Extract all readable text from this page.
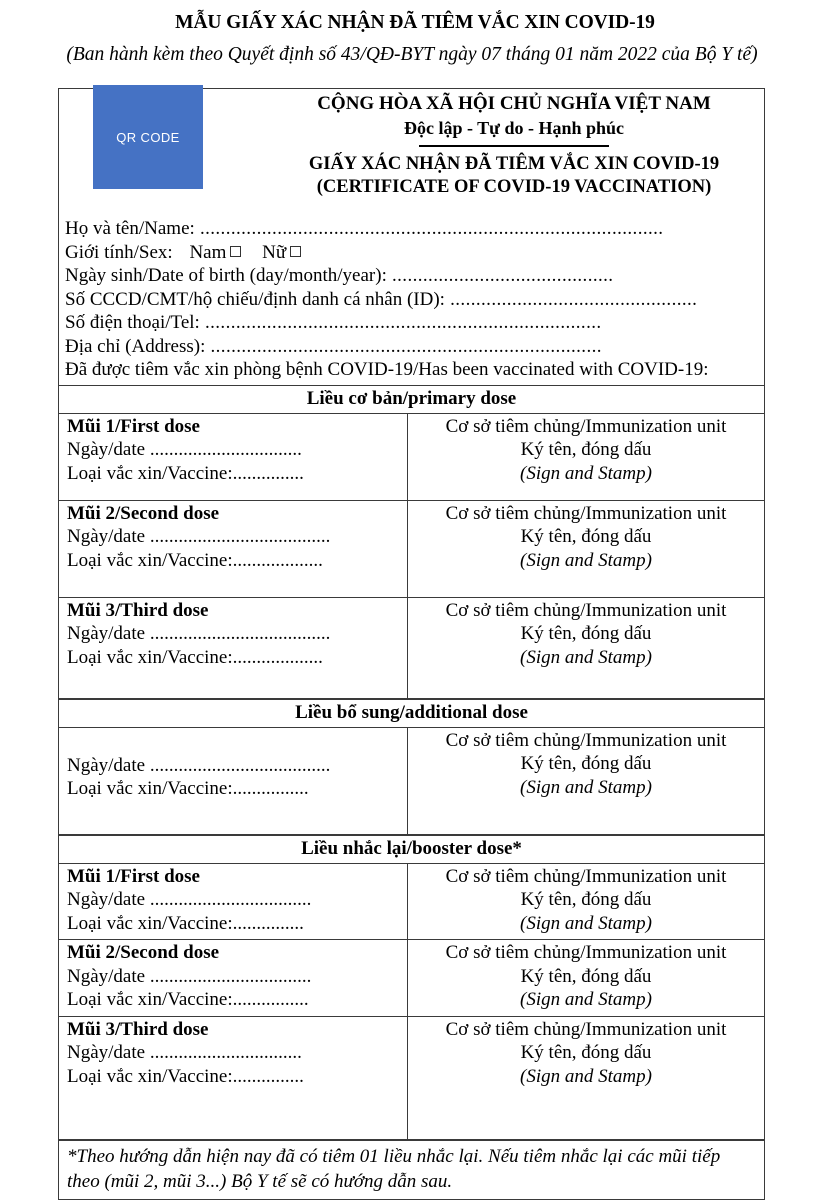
MẪU GIẤY XÁC NHẬN ĐÃ TIÊM VẮC XIN COVID-19
(Ban hành kèm theo Quyết định số 43/QĐ-BYT ngày 07 tháng 01 năm 2022 của Bộ Y tế)
QR CODE
CỘNG HÒA XÃ HỘI CHỦ NGHĨA VIỆT NAM
Độc lập - Tự do - Hạnh phúc
GIẤY XÁC NHẬN ĐÃ TIÊM VẮC XIN COVID-19
(CERTIFICATE OF COVID-19 VACCINATION)
Họ và tên/Name: ..........................................................................................
Giới tính/Sex: Nam Nữ
Ngày sinh/Date of birth (day/month/year): ...........................................
Số CCCD/CMT/hộ chiếu/định danh cá nhân (ID): ................................................
Số điện thoại/Tel: .............................................................................
Địa chỉ (Address): ............................................................................
Đã được tiêm vắc xin phòng bệnh COVID-19/Has been vaccinated with COVID-19:
Liều cơ bản/primary dose
Mũi 1/First dose
Ngày/date ................................
Loại vắc xin/Vaccine:...............
Cơ sở tiêm chủng/Immunization unit
Ký tên, đóng dấu
(Sign and Stamp)
Mũi 2/Second dose
Ngày/date ......................................
Loại vắc xin/Vaccine:...................
Cơ sở tiêm chủng/Immunization unit
Ký tên, đóng dấu
(Sign and Stamp)
Mũi 3/Third dose
Ngày/date ......................................
Loại vắc xin/Vaccine:...................
Cơ sở tiêm chủng/Immunization unit
Ký tên, đóng dấu
(Sign and Stamp)
Liều bổ sung/additional dose
Ngày/date ......................................
Loại vắc xin/Vaccine:................
Cơ sở tiêm chủng/Immunization unit
Ký tên, đóng dấu
(Sign and Stamp)
Liều nhắc lại/booster dose*
Mũi 1/First dose
Ngày/date ..................................
Loại vắc xin/Vaccine:...............
Cơ sở tiêm chủng/Immunization unit
Ký tên, đóng dấu
(Sign and Stamp)
Mũi 2/Second dose
Ngày/date ..................................
Loại vắc xin/Vaccine:................
Cơ sở tiêm chủng/Immunization unit
Ký tên, đóng dấu
(Sign and Stamp)
Mũi 3/Third dose
Ngày/date ................................
Loại vắc xin/Vaccine:...............
Cơ sở tiêm chủng/Immunization unit
Ký tên, đóng dấu
(Sign and Stamp)
*Theo hướng dẫn hiện nay đã có tiêm 01 liều nhắc lại. Nếu tiêm nhắc lại các mũi tiếp theo (mũi 2, mũi 3...) Bộ Y tế sẽ có hướng dẫn sau.
